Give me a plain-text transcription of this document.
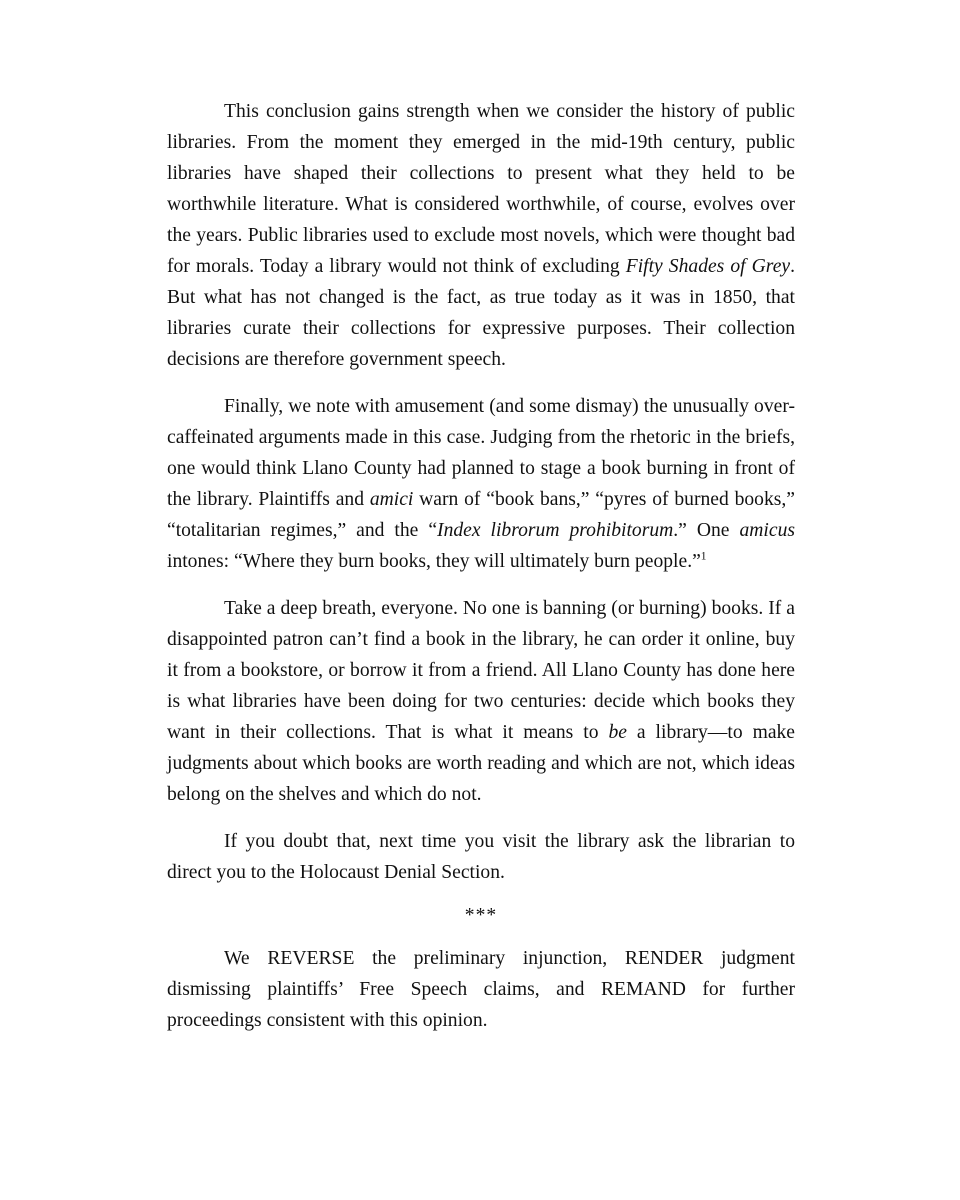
This conclusion gains strength when we consider the history of public libraries. From the moment they emerged in the mid-19th century, public libraries have shaped their collections to present what they held to be worthwhile literature. What is considered worthwhile, of course, evolves over the years. Public libraries used to exclude most novels, which were thought bad for morals. Today a library would not think of excluding Fifty Shades of Grey. But what has not changed is the fact, as true today as it was in 1850, that libraries curate their collections for expressive purposes. Their collection decisions are therefore government speech.

Finally, we note with amusement (and some dismay) the unusually over-caffeinated arguments made in this case. Judging from the rhetoric in the briefs, one would think Llano County had planned to stage a book burning in front of the library. Plaintiffs and amici warn of “book bans,” “pyres of burned books,” “totalitarian regimes,” and the “Index librorum prohibitorum.” One amicus intones: “Where they burn books, they will ultimately burn people.”$^1$

Take a deep breath, everyone. No one is banning (or burning) books. If a disappointed patron can’t find a book in the library, he can order it online, buy it from a bookstore, or borrow it from a friend. All Llano County has done here is what libraries have been doing for two centuries: decide which books they want in their collections. That is what it means to be a library—to make judgments about which books are worth reading and which are not, which ideas belong on the shelves and which do not.

If you doubt that, next time you visit the library ask the librarian to direct you to the Holocaust Denial Section.

***

We REVERSE the preliminary injunction, RENDER judgment dismissing plaintiffs’ Free Speech claims, and REMAND for further proceedings consistent with this opinion.
